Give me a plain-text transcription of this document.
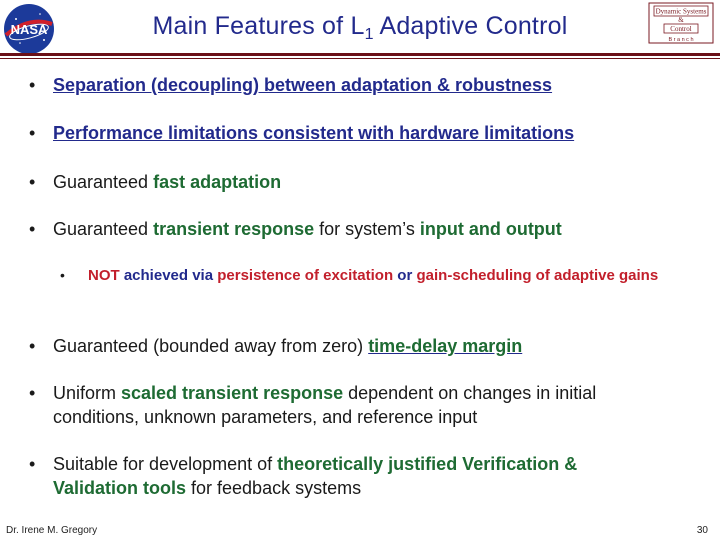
NASA	Main Features of $L_1$ Adaptive Control
Dynamic Systems
&
Control
B r a n c h
• Separation (decoupling) between adaptation & robustness
• Performance limitations consistent with hardware limitations
• Guaranteed fast adaptation
• Guaranteed transient response for system’s input and output
• NOT achieved via persistence of excitation or gain-scheduling of adaptive gains
• Guaranteed (bounded away from zero) time-delay margin
• Uniform scaled transient response dependent on changes in initial conditions, unknown parameters, and reference input
• Suitable for development of theoretically justified Verification & Validation tools for feedback systems
Dr. Irene M. Gregory	30
